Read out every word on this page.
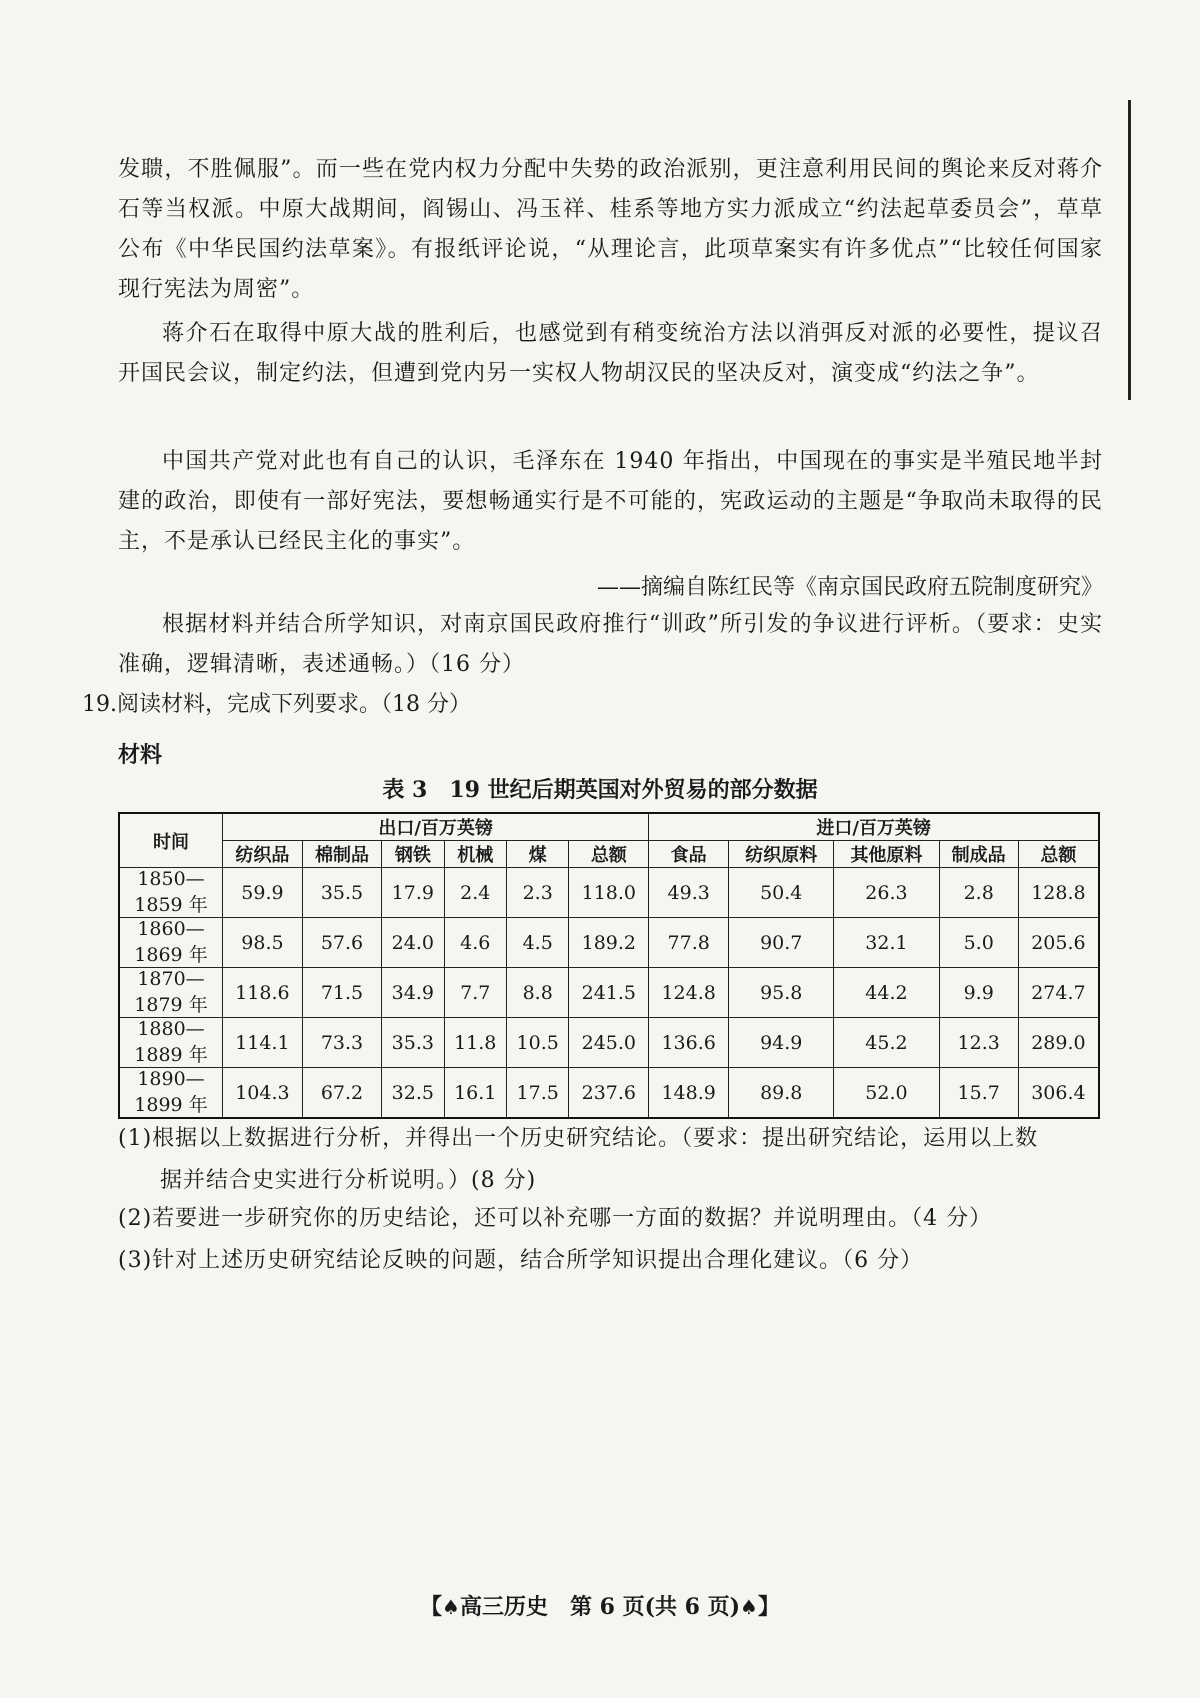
发聩，不胜佩服”。而一些在党内权力分配中失势的政治派别，更注意利用民间的舆论来反对蒋介石等当权派。中原大战期间，阎锡山、冯玉祥、桂系等地方实力派成立“约法起草委员会”，草草公布《中华民国约法草案》。有报纸评论说，“从理论言，此项草案实有许多优点”“比较任何国家现行宪法为周密”。

蒋介石在取得中原大战的胜利后，也感觉到有稍变统治方法以消弭反对派的必要性，提议召开国民会议，制定约法，但遭到党内另一实权人物胡汉民的坚决反对，演变成“约法之争”。

中国共产党对此也有自己的认识，毛泽东在 1940 年指出，中国现在的事实是半殖民地半封建的政治，即使有一部好宪法，要想畅通实行是不可能的，宪政运动的主题是“争取尚未取得的民主，不是承认已经民主化的事实”。

——摘编自陈红民等《南京国民政府五院制度研究》

根据材料并结合所学知识，对南京国民政府推行“训政”所引发的争议进行评析。（要求：史实准确，逻辑清晰，表述通畅。）（16 分）

19.阅读材料，完成下列要求。（18 分）
材料
表 3　19 世纪后期英国对外贸易的部分数据
时间	出口/百万英镑						进口/百万英镑				
	纺织品	棉制品	钢铁	机械	煤	总额	食品	纺织原料	其他原料	制成品	总额
1850—1859 年	59.9	35.5	17.9	2.4	2.3	118.0	49.3	50.4	26.3	2.8	128.8
1860—1869 年	98.5	57.6	24.0	4.6	4.5	189.2	77.8	90.7	32.1	5.0	205.6
1870—1879 年	118.6	71.5	34.9	7.7	8.8	241.5	124.8	95.8	44.2	9.9	274.7
1880—1889 年	114.1	73.3	35.3	11.8	10.5	245.0	136.6	94.9	45.2	12.3	289.0
1890—1899 年	104.3	67.2	32.5	16.1	17.5	237.6	148.9	89.8	52.0	15.7	306.4
(1)根据以上数据进行分析，并得出一个历史研究结论。（要求：提出研究结论，运用以上数
据并结合史实进行分析说明。）(8 分)
(2)若要进一步研究你的历史结论，还可以补充哪一方面的数据？并说明理由。（4 分）
(3)针对上述历史研究结论反映的问题，结合所学知识提出合理化建议。（6 分）
【♠高三历史　第 6 页(共 6 页)♠】
